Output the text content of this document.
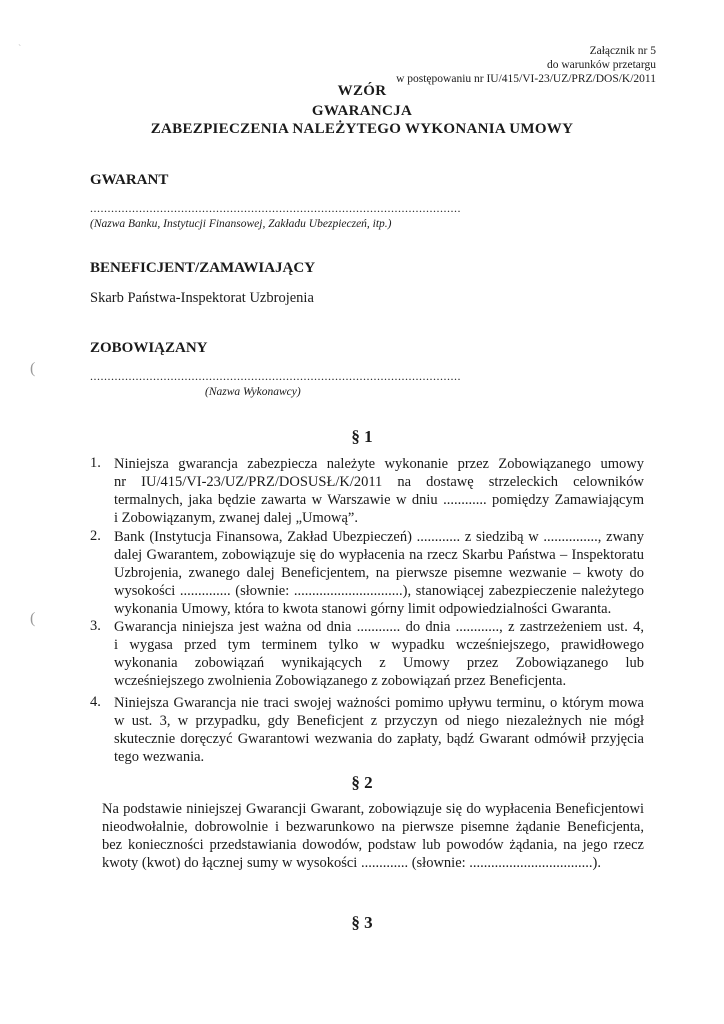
ˋ
(
(
Załącznik nr 5
do warunków przetargu
w postępowaniu nr IU/415/VI-23/UZ/PRZ/DOS/K/2011
WZÓR
GWARANCJA
ZABEZPIECZENIA NALEŻYTEGO WYKONANIA UMOWY
GWARANT
..........................................................................................................
(Nazwa Banku, Instytucji Finansowej, Zakładu Ubezpieczeń, itp.)
BENEFICJENT/ZAMAWIAJĄCY
Skarb Państwa-Inspektorat Uzbrojenia
ZOBOWIĄZANY
..........................................................................................................
(Nazwa Wykonawcy)
§ 1
1. Niniejsza gwarancja zabezpiecza należyte wykonanie przez Zobowiązanego umowy
nr IU/415/VI-23/UZ/PRZ/DOSUSŁ/K/2011 na dostawę strzeleckich celowników
termalnych, jaka będzie zawarta w Warszawie w dniu ............ pomiędzy Zamawiającym
i Zobowiązanym, zwanej dalej „Umową”.
2. Bank (Instytucja Finansowa, Zakład Ubezpieczeń) ............ z siedzibą w ..............., zwany
dalej Gwarantem, zobowiązuje się do wypłacenia na rzecz Skarbu Państwa – Inspektoratu
Uzbrojenia, zwanego dalej Beneficjentem, na pierwsze pisemne wezwanie – kwoty do
wysokości .............. (słownie: ..............................), stanowiącej zabezpieczenie należytego
wykonania Umowy, która to kwota stanowi górny limit odpowiedzialności Gwaranta.
3. Gwarancja niniejsza jest ważna od dnia ............ do dnia ............, z zastrzeżeniem ust. 4,
i wygasa przed tym terminem tylko w wypadku wcześniejszego, prawidłowego
wykonania zobowiązań wynikających z Umowy przez Zobowiązanego lub
wcześniejszego zwolnienia Zobowiązanego z zobowiązań przez Beneficjenta.
4. Niniejsza Gwarancja nie traci swojej ważności pomimo upływu terminu, o którym mowa
w ust. 3, w przypadku, gdy Beneficjent z przyczyn od niego niezależnych nie mógł
skutecznie doręczyć Gwarantowi wezwania do zapłaty, bądź Gwarant odmówił przyjęcia
tego wezwania.
§ 2
Na podstawie niniejszej Gwarancji Gwarant, zobowiązuje się do wypłacenia Beneficjentowi
nieodwołalnie, dobrowolnie i bezwarunkowo na pierwsze pisemne żądanie Beneficjenta,
bez konieczności przedstawiania dowodów, podstaw lub powodów żądania, na jego rzecz
kwoty (kwot) do łącznej sumy w wysokości ............. (słownie: ..................................).
§ 3
